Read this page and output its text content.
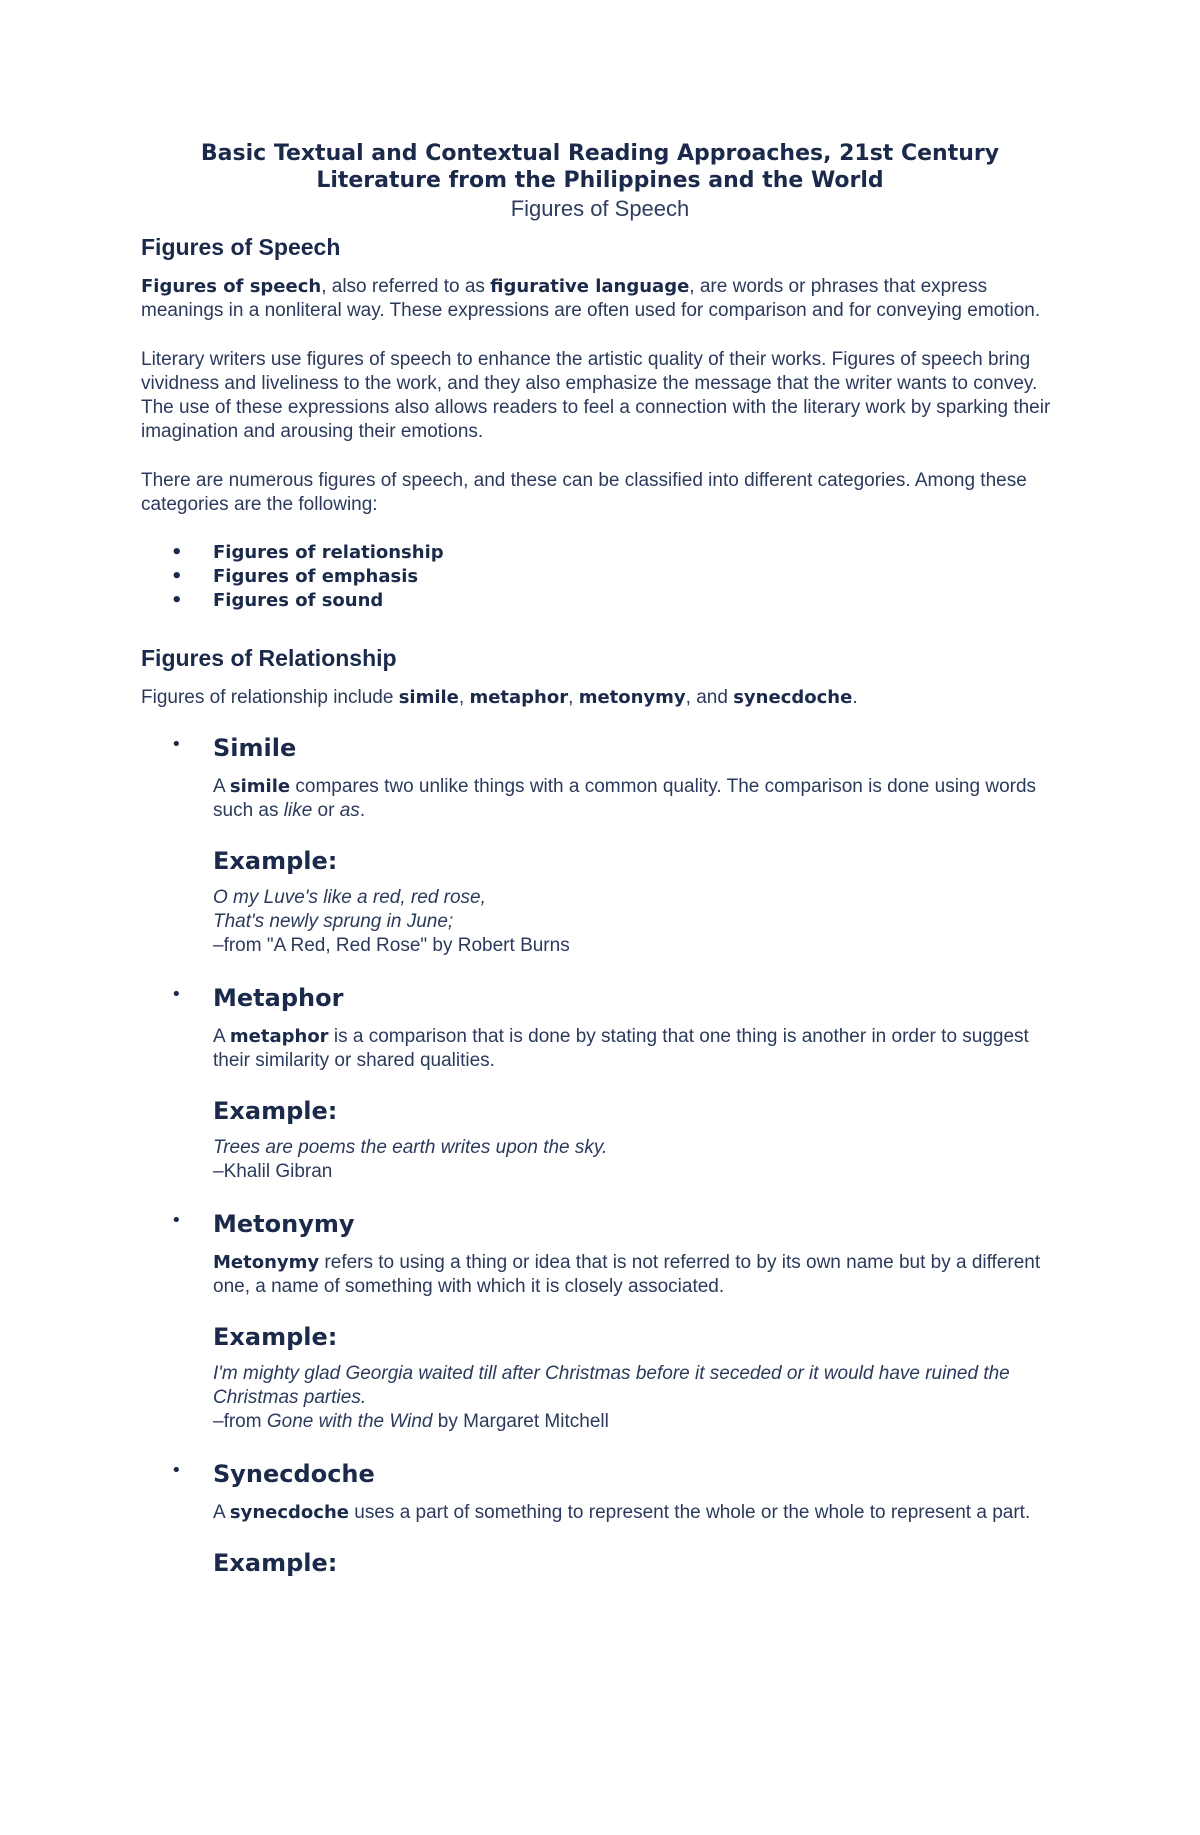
Basic Textual and Contextual Reading Approaches, 21st Century
Literature from the Philippines and the World
Figures of Speech
Figures of Speech

Figures of speech, also referred to as figurative language, are words or phrases that express meanings in a nonliteral way. These expressions are often used for comparison and for conveying emotion.

Literary writers use figures of speech to enhance the artistic quality of their works. Figures of speech bring vividness and liveliness to the work, and they also emphasize the message that the writer wants to convey. The use of these expressions also allows readers to feel a connection with the literary work by sparking their imagination and arousing their emotions.

There are numerous figures of speech, and these can be classified into different categories. Among these categories are the following:

• Figures of relationship
• Figures of emphasis
• Figures of sound
Figures of Relationship

Figures of relationship include simile, metaphor, metonymy, and synecdoche.

• Simile

A simile compares two unlike things with a common quality. The comparison is done using words such as like or as.

Example:
O my Luve's like a red, red rose,
That's newly sprung in June;
–from "A Red, Red Rose" by Robert Burns
• Metaphor

A metaphor is a comparison that is done by stating that one thing is another in order to suggest their similarity or shared qualities.

Example:
Trees are poems the earth writes upon the sky.
–Khalil Gibran
• Metonymy

Metonymy refers to using a thing or idea that is not referred to by its own name but by a different one, a name of something with which it is closely associated.

Example:
I'm mighty glad Georgia waited till after Christmas before it seceded or it would have ruined the Christmas parties.
–from Gone with the Wind by Margaret Mitchell
• Synecdoche

A synecdoche uses a part of something to represent the whole or the whole to represent a part.

Example:
